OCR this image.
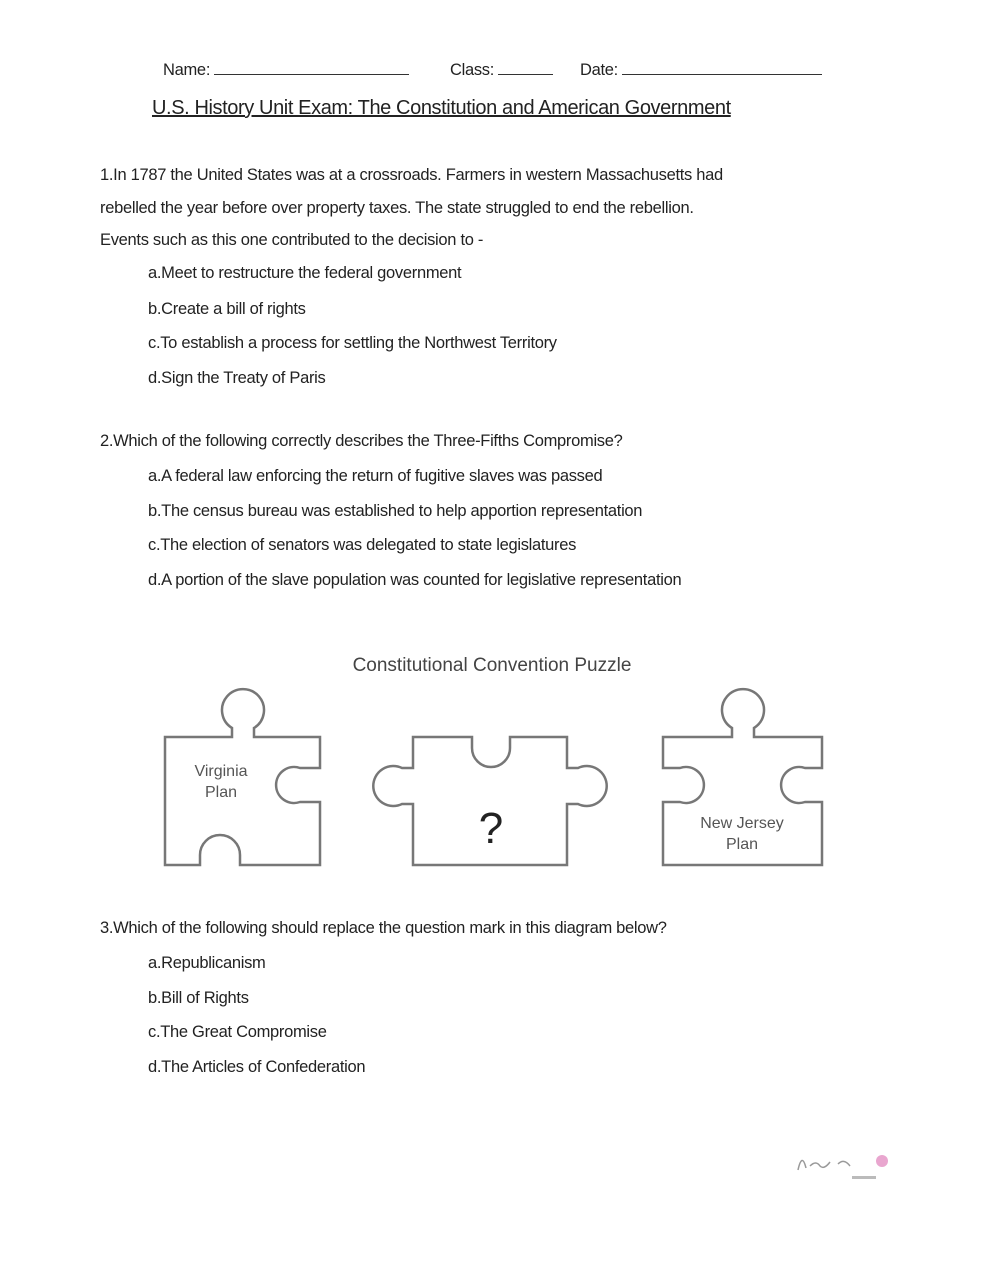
Name:	Class:	Date:
U.S. History Unit Exam: The Constitution and American Government
1.In 1787 the United States was at a crossroads. Farmers in western Massachusetts had
rebelled the year before over property taxes. The state struggled to end the rebellion.
Events such as this one contributed to the decision to -
a.Meet to restructure the federal government
b.Create a bill of rights
c.To establish a process for settling the Northwest Territory
d.Sign the Treaty of Paris
2.Which of the following correctly describes the Three-Fifths Compromise?
a.A federal law enforcing the return of fugitive slaves was passed
b.The census bureau was established to help apportion representation
c.The election of senators was delegated to state legislatures
d.A portion of the slave population was counted for legislative representation
Constitutional Convention Puzzle
Virginia
Plan
?	New Jersey
Plan
3.Which of the following should replace the question mark in this diagram below?
a.Republicanism
b.Bill of Rights
c.The Great Compromise
d.The Articles of Confederation
